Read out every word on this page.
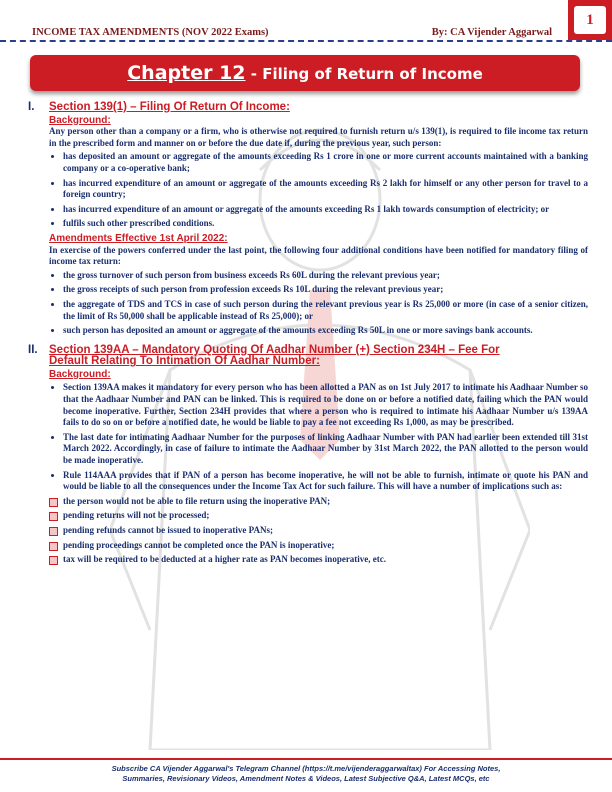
1
INCOME TAX AMENDMENTS (NOV 2022 Exams)	By: CA Vijender Aggarwal
Chapter 12 - Filing of Return of Income

I. Section 139(1) – Filing Of Return Of Income:

Background:

Any person other than a company or a firm, who is otherwise not required to furnish return u/s 139(1), is required to file income tax return in the prescribed form and manner on or before the due date if, during the previous year, such person:

• has deposited an amount or aggregate of the amounts exceeding Rs 1 crore in one or more current accounts maintained with a banking company or a co-operative bank;
• has incurred expenditure of an amount or aggregate of the amounts exceeding Rs 2 lakh for himself or any other person for travel to a foreign country;
• has incurred expenditure of an amount or aggregate of the amounts exceeding Rs 1 lakh towards consumption of electricity; or
• fulfils such other prescribed conditions.
Amendments Effective 1st April 2022:

In exercise of the powers conferred under the last point, the following four additional conditions have been notified for mandatory filing of income tax return:

• the gross turnover of such person from business exceeds Rs 60L during the relevant previous year;
• the gross receipts of such person from profession exceeds Rs 10L during the relevant previous year;
• the aggregate of TDS and TCS in case of such person during the relevant previous year is Rs 25,000 or more (in case of a senior citizen, the limit of Rs 50,000 shall be applicable instead of Rs 25,000); or
• such person has deposited an amount or aggregate of the amounts exceeding Rs 50L in one or more savings bank accounts.

II. Section 139AA – Mandatory Quoting Of Aadhar Number (+) Section 234H – Fee For

Default Relating To Intimation Of Aadhar Number:

Background:
• Section 139AA makes it mandatory for every person who has been allotted a PAN as on 1st July 2017 to intimate his Aadhaar Number so that the Aadhaar Number and PAN can be linked. This is required to be done on or before a notified date, failing which the PAN would become inoperative. Further, Section 234H provides that where a person who is required to intimate his Aadhaar Number u/s 139AA fails to do so on or before a notified date, he would be liable to pay a fee not exceeding Rs 1,000, as may be prescribed.
• The last date for intimating Aadhaar Number for the purposes of linking Aadhaar Number with PAN had earlier been extended till 31st March 2022. Accordingly, in case of failure to intimate the Aadhaar Number by 31st March 2022, the PAN allotted to the person would be made inoperative.
• Rule 114AAA provides that if PAN of a person has become inoperative, he will not be able to furnish, intimate or quote his PAN and would be liable to all the consequences under the Income Tax Act for such failure. This will have a number of implications such as:
the person would not be able to file return using the inoperative PAN;
pending returns will not be processed;
pending refunds cannot be issued to inoperative PANs;
pending proceedings cannot be completed once the PAN is inoperative;
tax will be required to be deducted at a higher rate as PAN becomes inoperative, etc.
Subscribe CA Vijender Aggarwal's Telegram Channel (https://t.me/vijenderaggarwaltax) For Accessing Notes,
Summaries, Revisionary Videos, Amendment Notes & Videos, Latest Subjective Q&A, Latest MCQs, etc
